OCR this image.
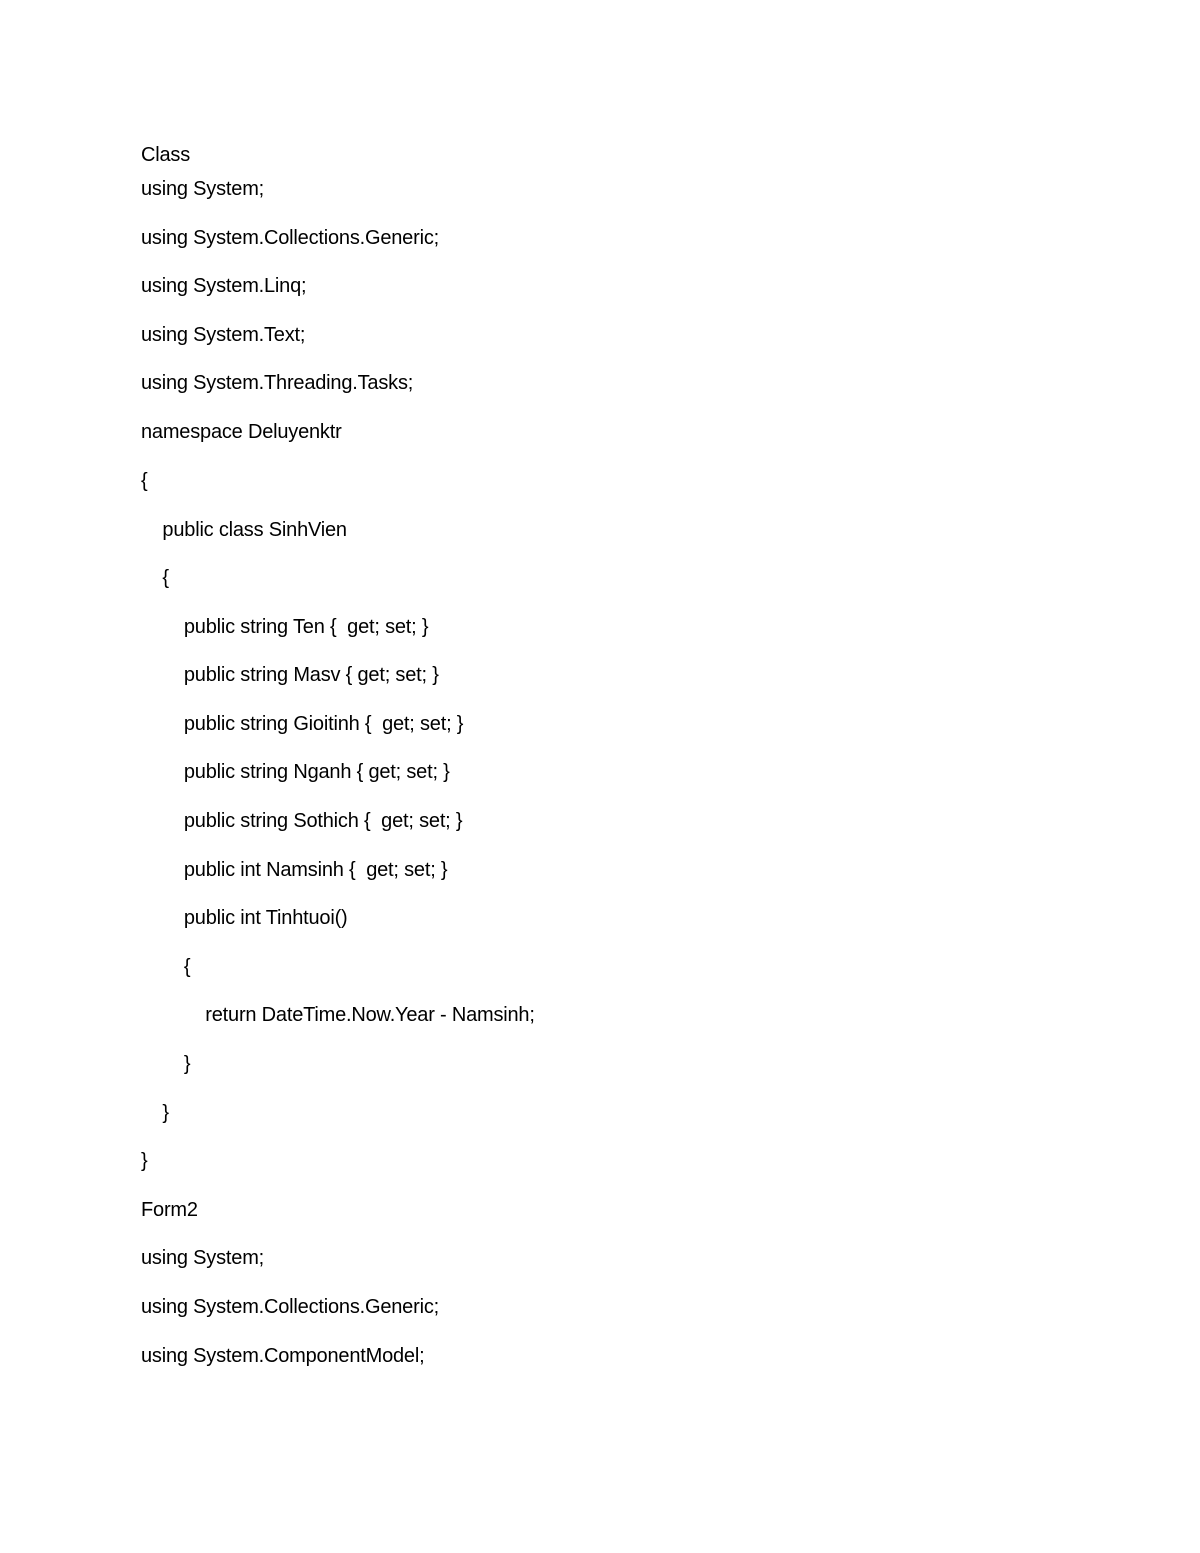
Class

using System;

using System.Collections.Generic;

using System.Linq;

using System.Text;

using System.Threading.Tasks;

namespace Deluyenktr

{

public class SinhVien

{

public string Ten {  get; set; }

public string Masv { get; set; }

public string Gioitinh {  get; set; }

public string Nganh { get; set; }

public string Sothich {  get; set; }

public int Namsinh {  get; set; }

public int Tinhtuoi()

{

return DateTime.Now.Year - Namsinh;

}

}

}

Form2

using System;

using System.Collections.Generic;

using System.ComponentModel;
